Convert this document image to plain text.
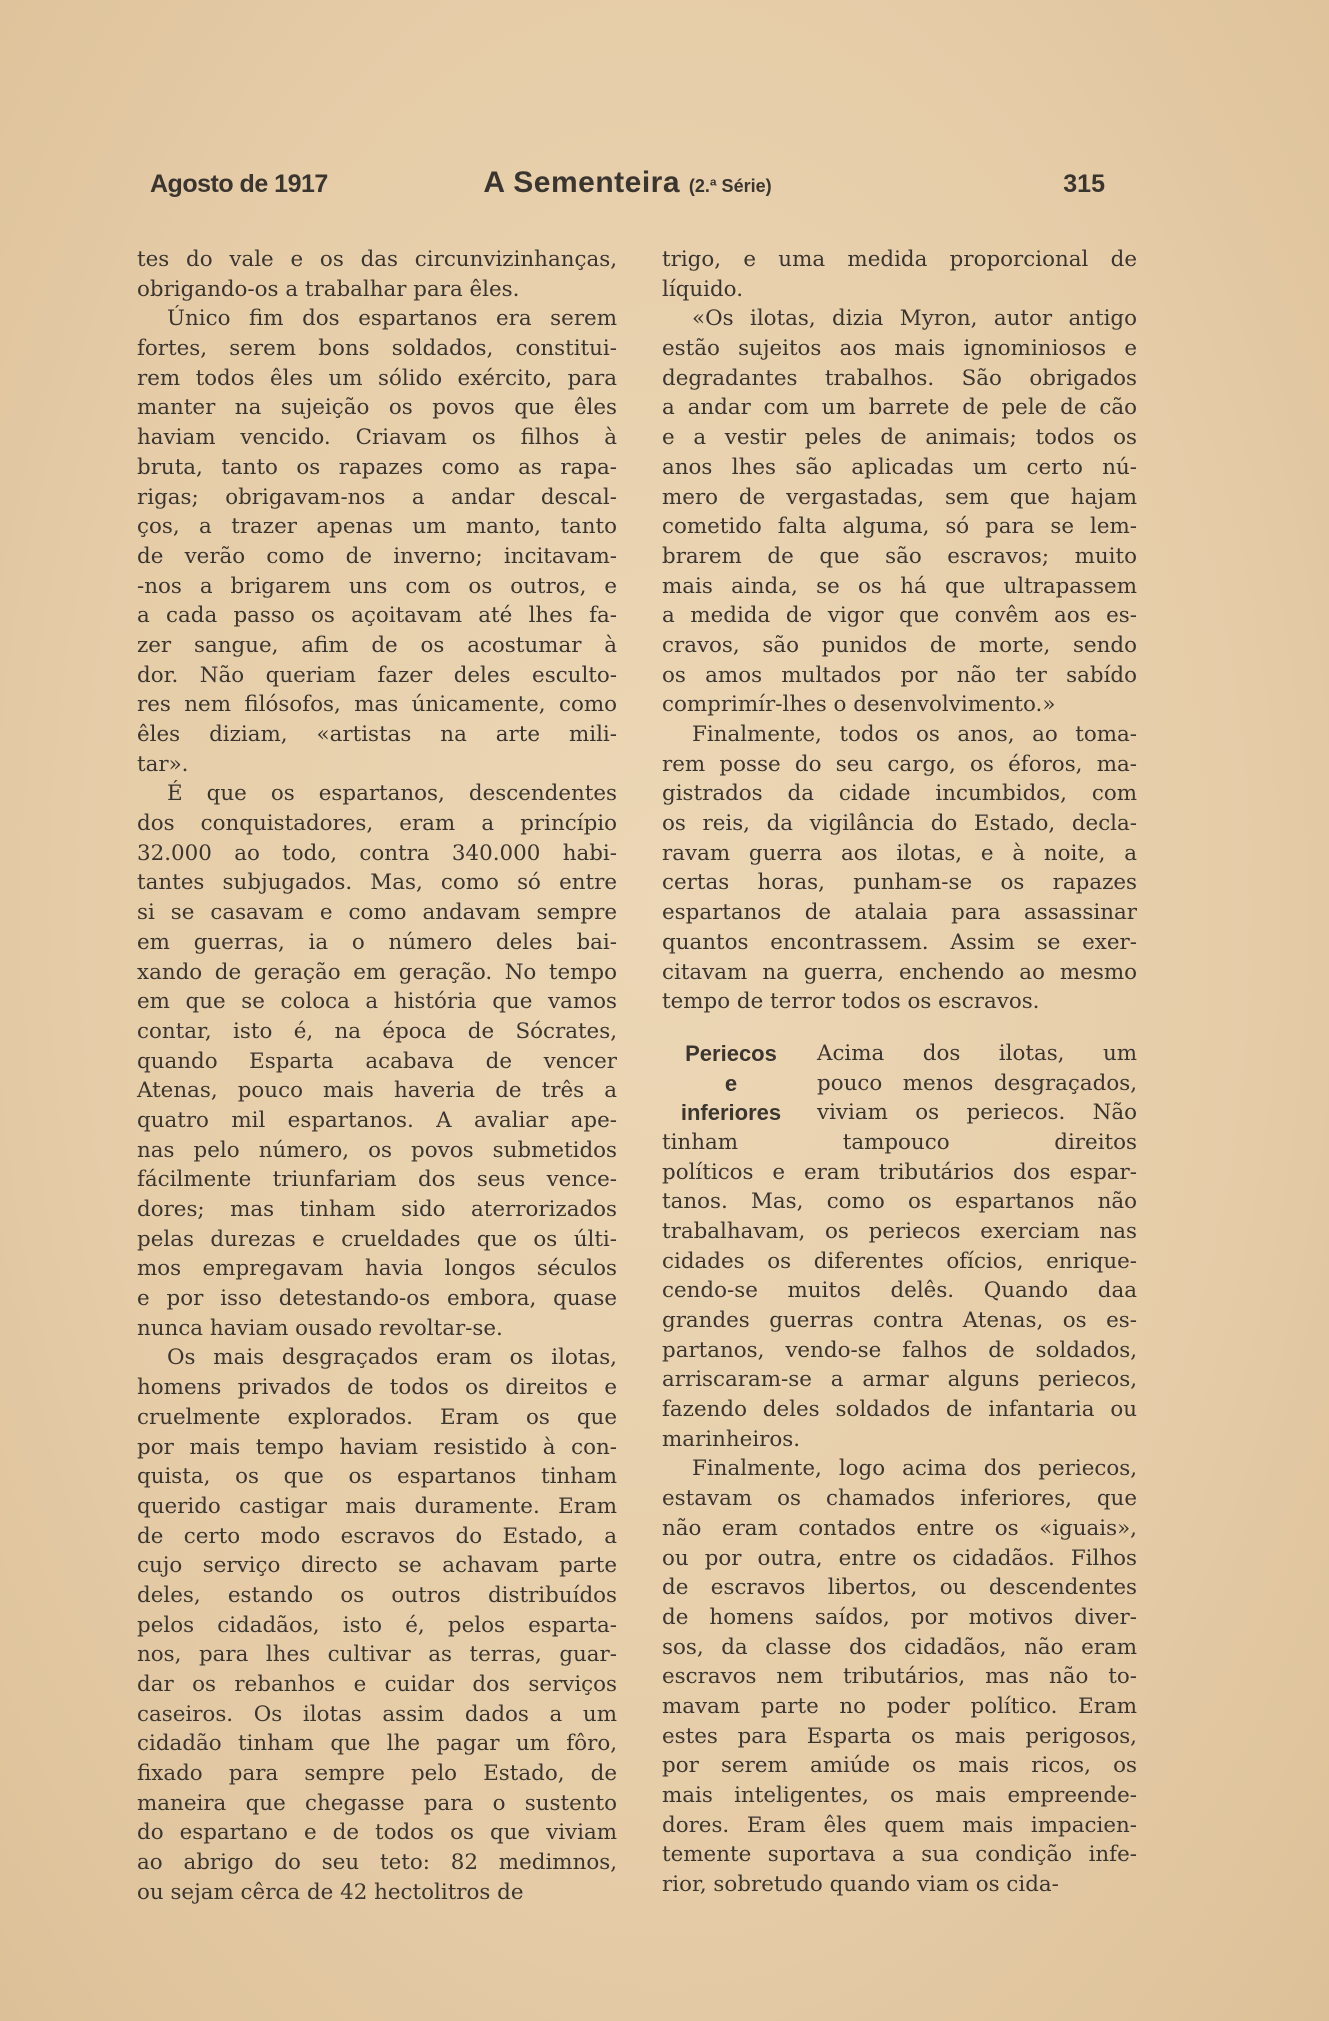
Agosto de 1917	A Sementeira (2.ª Série)	315
tes do vale e os das circunvizinhanças,
obrigando-os a trabalhar para êles.
Único fim dos espartanos era serem
fortes, serem bons soldados, constitui-
rem todos êles um sólido exército, para
manter na sujeição os povos que êles
haviam vencido. Criavam os filhos à
bruta, tanto os rapazes como as rapa-
rigas; obrigavam-nos a andar descal-
ços, a trazer apenas um manto, tanto
de verão como de inverno; incitavam-
-nos a brigarem uns com os outros, e
a cada passo os açoitavam até lhes fa-
zer sangue, afim de os acostumar à
dor. Não queriam fazer deles esculto-
res nem filósofos, mas únicamente, como
êles diziam, «artistas na arte mili-
tar».
É que os espartanos, descendentes
dos conquistadores, eram a princípio
32.000 ao todo, contra 340.000 habi-
tantes subjugados. Mas, como só entre
si se casavam e como andavam sempre
em guerras, ia o número deles bai-
xando de geração em geração. No tempo
em que se coloca a história que vamos
contar, isto é, na época de Sócrates,
quando Esparta acabava de vencer
Atenas, pouco mais haveria de três a
quatro mil espartanos. A avaliar ape-
nas pelo número, os povos submetidos
fácilmente triunfariam dos seus vence-
dores; mas tinham sido aterrorizados
pelas durezas e crueldades que os últi-
mos empregavam havia longos séculos
e por isso detestando-os embora, quase
nunca haviam ousado revoltar-se.
Os mais desgraçados eram os ilotas,
homens privados de todos os direitos e
cruelmente explorados. Eram os que
por mais tempo haviam resistido à con-
quista, os que os espartanos tinham
querido castigar mais duramente. Eram
de certo modo escravos do Estado, a
cujo serviço directo se achavam parte
deles, estando os outros distribuídos
pelos cidadãos, isto é, pelos esparta-
nos, para lhes cultivar as terras, guar-
dar os rebanhos e cuidar dos serviços
caseiros. Os ilotas assim dados a um
cidadão tinham que lhe pagar um fôro,
fixado para sempre pelo Estado, de
maneira que chegasse para o sustento
do espartano e de todos os que viviam
ao abrigo do seu teto: 82 medimnos,
ou sejam cêrca de 42 hectolitros de
trigo, e uma medida proporcional de
líquido.
«Os ilotas, dizia Myron, autor antigo
estão sujeitos aos mais ignominiosos e
degradantes trabalhos. São obrigados
a andar com um barrete de pele de cão
e a vestir peles de animais; todos os
anos lhes são aplicadas um certo nú-
mero de vergastadas, sem que hajam
cometido falta alguma, só para se lem-
brarem de que são escravos; muito
mais ainda, se os há que ultrapassem
a medida de vigor que convêm aos es-
cravos, são punidos de morte, sendo
os amos multados por não ter sabído
comprimír-lhes o desenvolvimento.»
Finalmente, todos os anos, ao toma-
rem posse do seu cargo, os éforos, ma-
gistrados da cidade incumbidos, com
os reis, da vigilância do Estado, decla-
ravam guerra aos ilotas, e à noite, a
certas horas, punham-se os rapazes
espartanos de atalaia para assassinar
quantos encontrassem. Assim se exer-
citavam na guerra, enchendo ao mesmo
tempo de terror todos os escravos.
Periecos
e
inferiores
Acima dos ilotas, um
pouco menos desgraçados,
viviam os periecos. Não
tinham tampouco direitos
políticos e eram tributários dos espar-
tanos. Mas, como os espartanos não
trabalhavam, os periecos exerciam nas
cidades os diferentes ofícios, enrique-
cendo-se muitos delês. Quando daa
grandes guerras contra Atenas, os es-
partanos, vendo-se falhos de soldados,
arriscaram-se a armar alguns periecos,
fazendo deles soldados de infantaria ou
marinheiros.
Finalmente, logo acima dos periecos,
estavam os chamados inferiores, que
não eram contados entre os «iguais»,
ou por outra, entre os cidadãos. Filhos
de escravos libertos, ou descendentes
de homens saídos, por motivos diver-
sos, da classe dos cidadãos, não eram
escravos nem tributários, mas não to-
mavam parte no poder político. Eram
estes para Esparta os mais perigosos,
por serem amiúde os mais ricos, os
mais inteligentes, os mais empreende-
dores. Eram êles quem mais impacien-
temente suportava a sua condição infe-
rior, sobretudo quando viam os cida-
